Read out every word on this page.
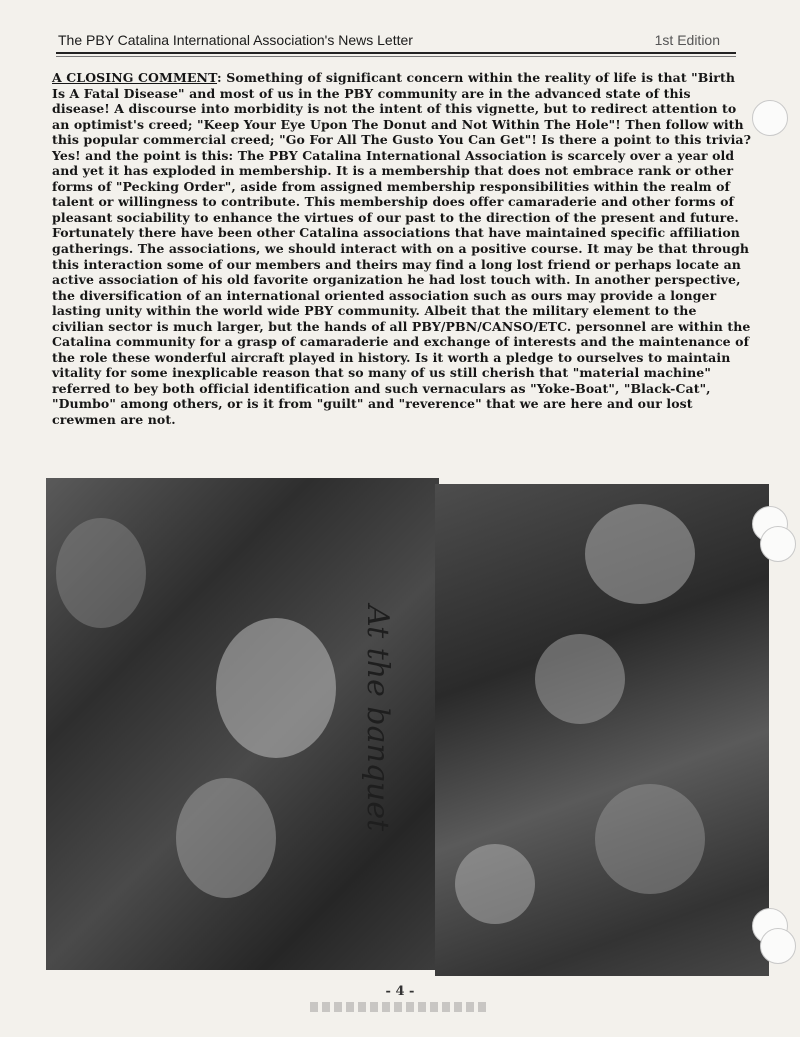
The PBY Catalina International Association's News Letter	1st Edition
A CLOSING COMMENT: Something of significant concern within the reality of life is that "Birth Is A Fatal Disease" and most of us in the PBY community are in the advanced state of this disease! A discourse into morbidity is not the intent of this vignette, but to redirect attention to an optimist's creed; "Keep Your Eye Upon The Donut and Not Within The Hole"! Then follow with this popular commercial creed; "Go For All The Gusto You Can Get"! Is there a point to this trivia? Yes! and the point is this: The PBY Catalina International Association is scarcely over a year old and yet it has exploded in membership. It is a membership that does not embrace rank or other forms of "Pecking Order", aside from assigned membership responsibilities within the realm of talent or willingness to contribute. This membership does offer camaraderie and other forms of pleasant sociability to enhance the virtues of our past to the direction of the present and future. Fortunately there have been other Catalina associations that have maintained specific affiliation gatherings. The associations, we should interact with on a positive course. It may be that through this interaction some of our members and theirs may find a long lost friend or perhaps locate an active association of his old favorite organization he had lost touch with. In another perspective, the diversification of an international oriented association such as ours may provide a longer lasting unity within the world wide PBY community. Albeit that the military element to the civilian sector is much larger, but the hands of all PBY/PBN/CANSO/ETC. personnel are within the Catalina community for a grasp of camaraderie and exchange of interests and the maintenance of the role these wonderful aircraft played in history. Is it worth a pledge to ourselves to maintain vitality for some inexplicable reason that so many of us still cherish that "material machine" referred to bey both official identification and such vernaculars as "Yoke-Boat", "Black-Cat", "Dumbo" among others, or is it from "guilt" and "reverence" that we are here and our lost crewmen are not.
At the banquet
- 4 -
